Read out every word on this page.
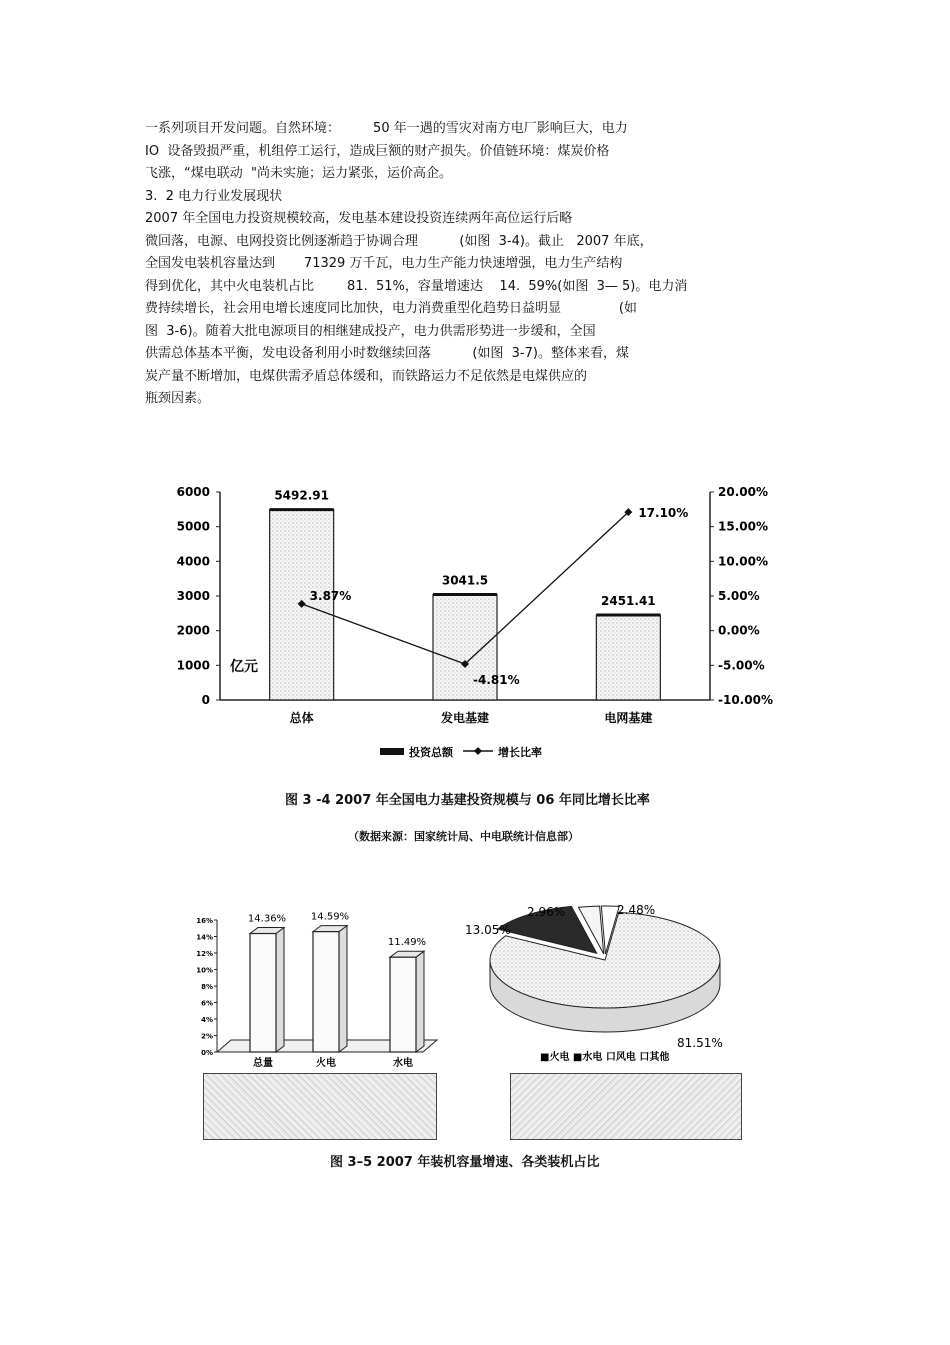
一系列项目开发问题。自然环境：        50 年一遇的雪灾对南方电厂影响巨大，电力

IO  设备毁损严重，机组停工运行，造成巨额的财产损失。价值链环境：煤炭价格

飞涨，“煤电联动  "尚未实施；运力紧张，运价高企。

3.  2 电力行业发展现状

2007 年全国电力投资规模较高，发电基本建设投资连续两年高位运行后略

微回落，电源、电网投资比例逐渐趋于协调合理          (如图  3-4)。截止   2007 年底，

全国发电装机容量达到       71329 万千瓦，电力生产能力快速增强，电力生产结构

得到优化，其中火电装机占比        81.  51%，容量增速达    14.  59%(如图  3— 5)。电力消

费持续增长，社会用电增长速度同比加快，电力消费重型化趋势日益明显              (如

图  3-6)。随着大批电源项目的相继建成投产，电力供需形势进一步缓和，全国

供需总体基本平衡，发电设备利用小时数继续回落          (如图  3-7)。整体来看，煤

炭产量不断增加，电煤供需矛盾总体缓和，而铁路运力不足依然是电煤供应的

瓶颈因素。

0
1000
2000
3000
4000
5000
6000
-10.00%
-5.00%
0.00%
5.00%
10.00%
15.00%
20.00%
总体	发电基建	电网基建
5492.91
3041.5
2451.41
3.87%
-4.81%
17.10%
亿元
投资总额	增长比率
图 3 -4 2007 年全国电力基建投资规模与 06 年同比增长比率
（数据来源：国家统计局、中电联统计信息部）
0%
2%
4%
6%
8%
10%
12%
14%
16%
总量	火电	水电
14.36% 14.59%
11.49%
81.51%
13.05%
2.96%	2.48%
■火电 ■水电 口风电 口其他
图 3–5 2007 年装机容量增速、各类装机占比
